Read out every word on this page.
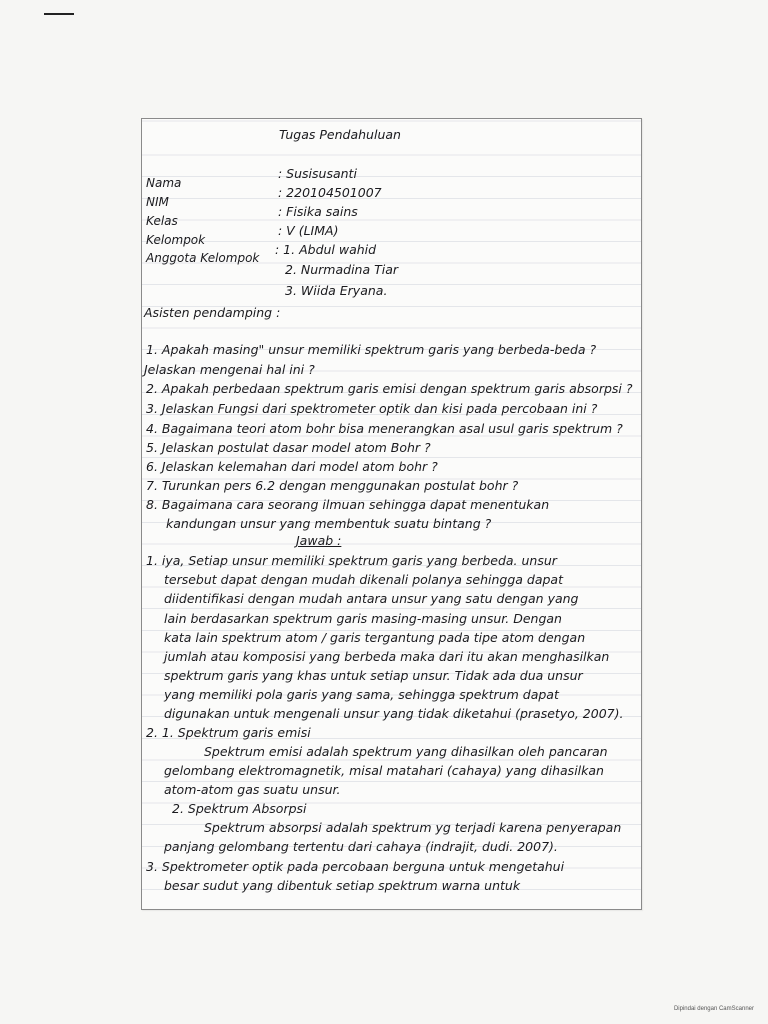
Tugas Pendahuluan
Nama
: Susisusanti
NIM
: 220104501007
Kelas
: Fisika sains
Kelompok
: V (LIMA)
Anggota Kelompok
: 1. Abdul wahid
2. Nurmadina Tiar
3. Wiida Eryana.
Asisten pendamping :
1. Apakah masing" unsur memiliki spektrum garis yang berbeda-beda ?
Jelaskan mengenai hal ini ?
2. Apakah perbedaan spektrum garis emisi dengan spektrum garis absorpsi ?
3. Jelaskan Fungsi dari spektrometer optik dan kisi pada percobaan ini ?
4. Bagaimana teori atom bohr bisa menerangkan asal usul garis spektrum ?
5. Jelaskan postulat dasar model atom Bohr ?
6. Jelaskan kelemahan dari model atom bohr ?
7. Turunkan pers 6.2 dengan menggunakan postulat bohr ?
8. Bagaimana cara seorang ilmuan sehingga dapat menentukan
kandungan unsur yang membentuk suatu bintang ?
Jawab :
1. iya, Setiap unsur memiliki spektrum garis yang berbeda. unsur
tersebut dapat dengan mudah dikenali polanya sehingga dapat
diidentifikasi dengan mudah antara unsur yang satu dengan yang
lain berdasarkan spektrum garis masing-masing unsur. Dengan
kata lain spektrum atom / garis tergantung pada tipe atom dengan
jumlah atau komposisi yang berbeda maka dari itu akan menghasilkan
spektrum garis yang khas untuk setiap unsur. Tidak ada dua unsur
yang memiliki pola garis yang sama, sehingga spektrum dapat
digunakan untuk mengenali unsur yang tidak diketahui (prasetyo, 2007).
2. 1. Spektrum garis emisi
Spektrum emisi adalah spektrum yang dihasilkan oleh pancaran
gelombang elektromagnetik, misal matahari (cahaya) yang dihasilkan
atom-atom gas suatu unsur.
2. Spektrum Absorpsi
Spektrum absorpsi adalah spektrum yg terjadi karena penyerapan
panjang gelombang tertentu dari cahaya (indrajit, dudi. 2007).
3. Spektrometer optik pada percobaan berguna untuk mengetahui
besar sudut yang dibentuk setiap spektrum warna untuk
Dipindai dengan CamScanner
